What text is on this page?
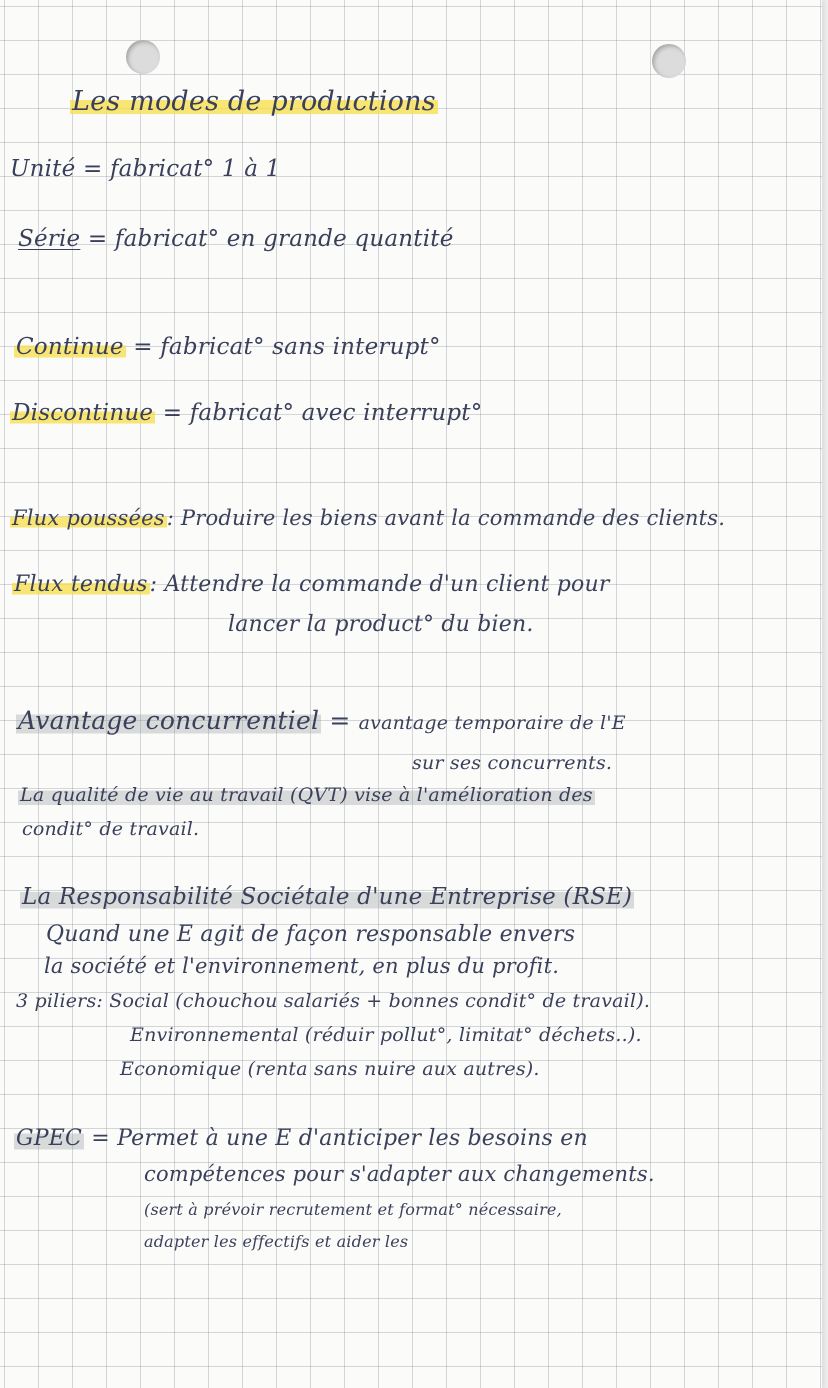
Les modes de productions
Unité = fabricat° 1 à 1
Série = fabricat° en grande quantité
Continue = fabricat° sans interupt°
Discontinue = fabricat° avec interrupt°
Flux poussées: Produire les biens avant la commande des clients.
Flux tendus: Attendre la commande d'un client pour
lancer la product° du bien.
Avantage concurrentiel = avantage temporaire de l'E
sur ses concurrents.
La qualité de vie au travail (QVT) vise à l'amélioration des
condit° de travail.
La Responsabilité Sociétale d'une Entreprise (RSE)
Quand une E agit de façon responsable envers
la société et l'environnement, en plus du profit.
3 piliers: Social (chouchou salariés + bonnes condit° de travail).
Environnemental (réduir pollut°, limitat° déchets..).
Economique (renta sans nuire aux autres).
GPEC = Permet à une E d'anticiper les besoins en
compétences pour s'adapter aux changements.
(sert à prévoir recrutement et format° nécessaire,
adapter les effectifs et aider les
